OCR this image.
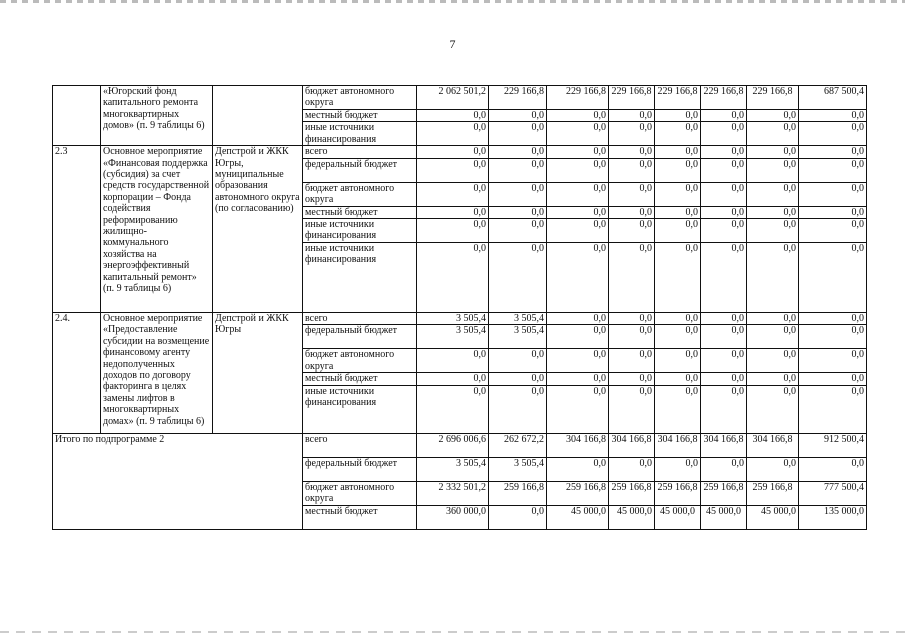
7
	«Югорский фонд капитального ремонта многоквартирных домов» (п. 9 таблицы 6)		бюджет автономного округа	2 062 501,2	229 166,8	229 166,8	229 166,8	229 166,8	229 166,8	229 166,8	687 500,4
			местный бюджет	0,0	0,0	0,0	0,0	0,0	0,0	0,0	0,0
			иные источники финансирования	0,0	0,0	0,0	0,0	0,0	0,0	0,0	0,0
2.3	Основное мероприятие «Финансовая поддержка (субсидия) за счет средств государственной корпорации – Фонда содействия реформированию жилищно-коммунального хозяйства на энергоэффективный капитальный ремонт» (п. 9 таблицы 6)	Депстрой и ЖКК Югры, муниципальные образования автономного округа (по согласованию)	всего	0,0	0,0	0,0	0,0	0,0	0,0	0,0	0,0
			федеральный бюджет	0,0	0,0	0,0	0,0	0,0	0,0	0,0	0,0
			бюджет автономного округа	0,0	0,0	0,0	0,0	0,0	0,0	0,0	0,0
			местный бюджет	0,0	0,0	0,0	0,0	0,0	0,0	0,0	0,0
			иные источники финансирования	0,0	0,0	0,0	0,0	0,0	0,0	0,0	0,0
			иные источники финансирования	0,0	0,0	0,0	0,0	0,0	0,0	0,0	0,0
2.4.	Основное мероприятие «Предоставление субсидии на возмещение финансовому агенту недополученных доходов по договору факторинга в целях замены лифтов в многоквартирных домах» (п. 9 таблицы 6)	Депстрой и ЖКК Югры	всего	3 505,4	3 505,4	0,0	0,0	0,0	0,0	0,0	0,0
			федеральный бюджет	3 505,4	3 505,4	0,0	0,0	0,0	0,0	0,0	0,0
			бюджет автономного округа	0,0	0,0	0,0	0,0	0,0	0,0	0,0	0,0
			местный бюджет	0,0	0,0	0,0	0,0	0,0	0,0	0,0	0,0
			иные источники финансирования	0,0	0,0	0,0	0,0	0,0	0,0	0,0	0,0
Итого по подпрограмме 2			всего	2 696 006,6	262 672,2	304 166,8	304 166,8	304 166,8	304 166,8	304 166,8	912 500,4
			федеральный бюджет	3 505,4	3 505,4	0,0	0,0	0,0	0,0	0,0	0,0
			бюджет автономного округа	2 332 501,2	259 166,8	259 166,8	259 166,8	259 166,8	259 166,8	259 166,8	777 500,4
			местный бюджет	360 000,0	0,0	45 000,0	45 000,0	45 000,0	45 000,0	45 000,0	135 000,0
